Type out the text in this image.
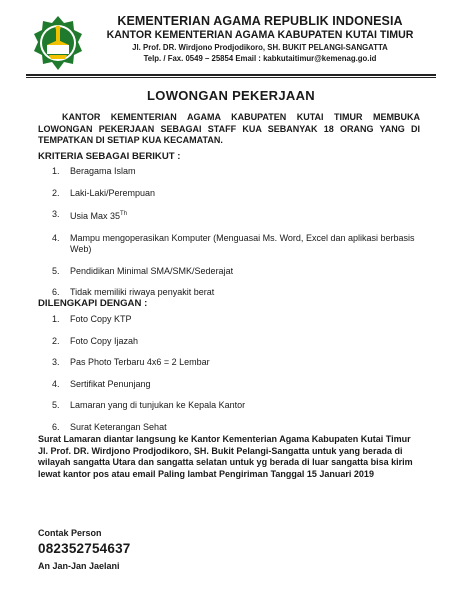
KEMENTERIAN AGAMA REPUBLIK INDONESIA
KANTOR KEMENTERIAN AGAMA KABUPATEN KUTAI TIMUR
Jl. Prof. DR. Wirdjono Prodjodikoro, SH. BUKIT PELANGI-SANGATTA
Telp. / Fax. 0549 – 25854 Email : kabkutaitimur@kemenag.go.id
LOWONGAN PEKERJAAN
KANTOR KEMENTERIAN AGAMA KABUPATEN KUTAI TIMUR MEMBUKA LOWONGAN PEKERJAAN SEBAGAI STAFF KUA SEBANYAK 18 ORANG YANG DI TEMPATKAN DI SETIAP KUA KECAMATAN.
KRITERIA SEBAGAI BERIKUT :
1. Beragama Islam
2. Laki-Laki/Perempuan
3. Usia Max 35Th
4. Mampu mengoperasikan Komputer (Menguasai Ms. Word, Excel dan aplikasi berbasis Web)
5. Pendidikan Minimal SMA/SMK/Sederajat
6. Tidak memiliki riwaya penyakit berat
DILENGKAPI DENGAN :
1. Foto Copy KTP
2. Foto Copy Ijazah
3. Pas Photo Terbaru 4x6 = 2 Lembar
4. Sertifikat Penunjang
5. Lamaran yang di tunjukan ke Kepala Kantor
6. Surat Keterangan Sehat
Surat Lamaran diantar langsung ke Kantor Kementerian Agama Kabupaten Kutai Timur Jl. Prof. DR. Wirdjono Prodjodikoro, SH. Bukit Pelangi-Sangatta untuk yang berada di wilayah sangatta Utara dan sangatta selatan untuk yg berada di luar sangatta bisa kirim lewat kantor pos atau email Paling lambat Pengiriman Tanggal 15 Januari 2019
Contak Person
082352754637
An Jan-Jan Jaelani
